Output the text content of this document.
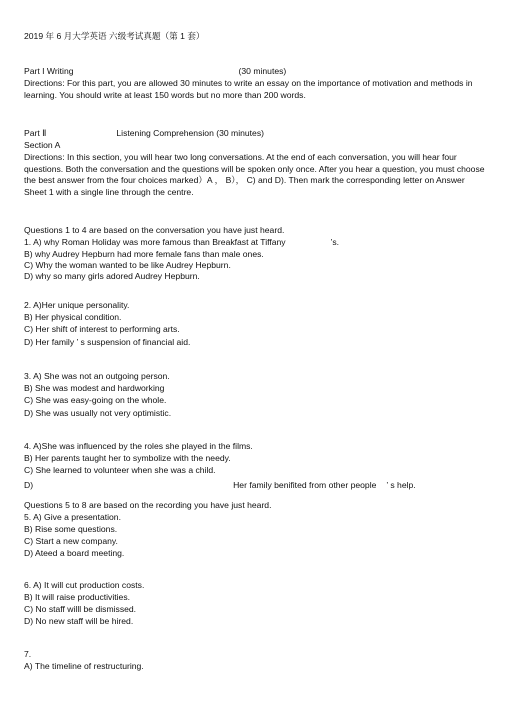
2019 年 6 月大学英语 六级考试真题（第 1 套）
Part I Writing	(30 minutes)
Directions: For this part, you are allowed 30 minutes to write an essay on the importance of motivation and methods in learning. You should write at least 150 words but no more than 200 words.
Part Ⅱ	Listening Comprehension (30 minutes)
Section A
Directions: In this section, you will hear two long conversations. At the end of each conversation, you will hear four questions. Both the conversation and the questions will be spoken only once. After you hear a question, you must choose the best answer from the four choices marked）A ， B）， C) and D). Then mark the corresponding letter on Answer Sheet 1 with a single line through the centre.
Questions 1 to 4 are based on the conversation you have just heard.
1. A) why Roman Holiday was more famous than Breakfast at Tiffany	’s.
B) why Audrey Hepburn had more female fans than male ones.
C) Why the woman wanted to be like Audrey Hepburn.
D) why so many girls adored Audrey Hepburn.
2. A)Her unique personality.
B) Her physical condition.
C) Her shift of interest to performing arts.
D) Her family ’ s suspension of financial aid.
3. A) She was not an outgoing person.
B) She was modest and hardworking
C) She was easy-going on the whole.
D) She was usually not very optimistic.
4. A)She was influenced by the roles she played in the films.
B) Her parents taught her to symbolize with the needy.
C) She learned to volunteer when she was a child.
D)	Her family benifited from other people ’ s help.
Questions 5 to 8 are based on the recording you have just heard.
5. A) Give a presentation.
B) Rise some questions.
C) Start a new company.
D) Ateed a board meeting.
6. A) It will cut production costs.
B) It will raise productivities.
C) No staff willl be dismissed.
D) No new staff will be hired.
7.
A) The timeline of restructuring.
